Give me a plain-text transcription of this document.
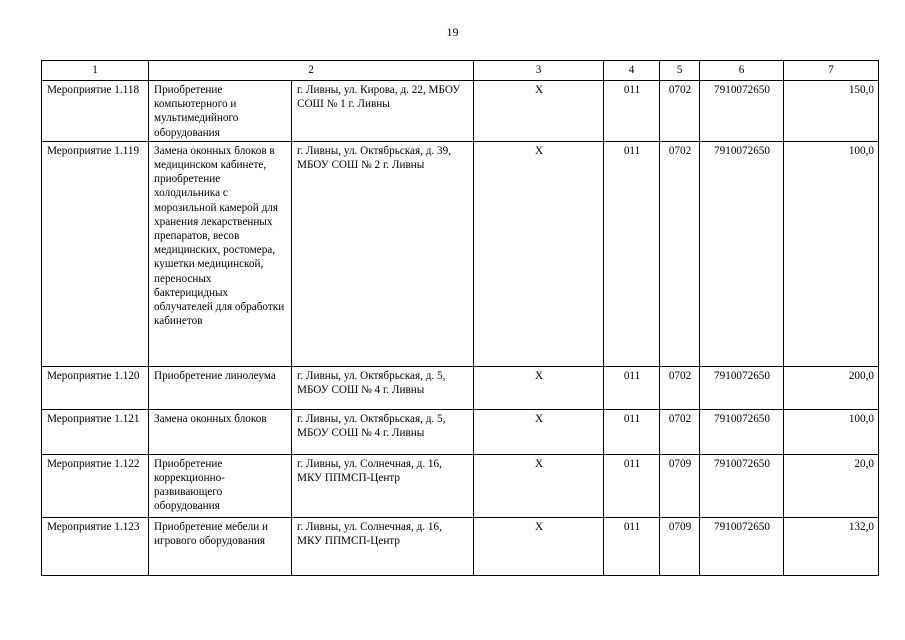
19
1	2		3	4	5	6	7
Мероприятие 1.118	Приобретение компьютерного и мультимедийного оборудования	г. Ливны, ул. Кирова, д. 22, МБОУ СОШ № 1 г. Ливны	Х	011	0702	7910072650	150,0
Мероприятие 1.119	Замена оконных блоков в медицинском кабинете, приобретение холодильника с морозильной камерой для хранения лекарственных препаратов, весов медицинских, ростомера, кушетки медицинской, переносных бактерицидных облучателей для обработки кабинетов	г. Ливны, ул. Октябрьская, д. 39, МБОУ СОШ № 2 г. Ливны	Х	011	0702	7910072650	100,0
Мероприятие 1.120	Приобретение линолеума	г. Ливны, ул. Октябрьская, д. 5, МБОУ СОШ № 4 г. Ливны	Х	011	0702	7910072650	200,0
Мероприятие 1.121	Замена оконных блоков	г. Ливны, ул. Октябрьская, д. 5, МБОУ СОШ № 4 г. Ливны	Х	011	0702	7910072650	100,0
Мероприятие 1.122	Приобретение коррекционно-развивающего оборудования	г. Ливны, ул. Солнечная, д. 16, МКУ ППМСП-Центр	Х	011	0709	7910072650	20,0
Мероприятие 1.123	Приобретение мебели и игрового оборудования	г. Ливны, ул. Солнечная, д. 16, МКУ ППМСП-Центр	Х	011	0709	7910072650	132,0
